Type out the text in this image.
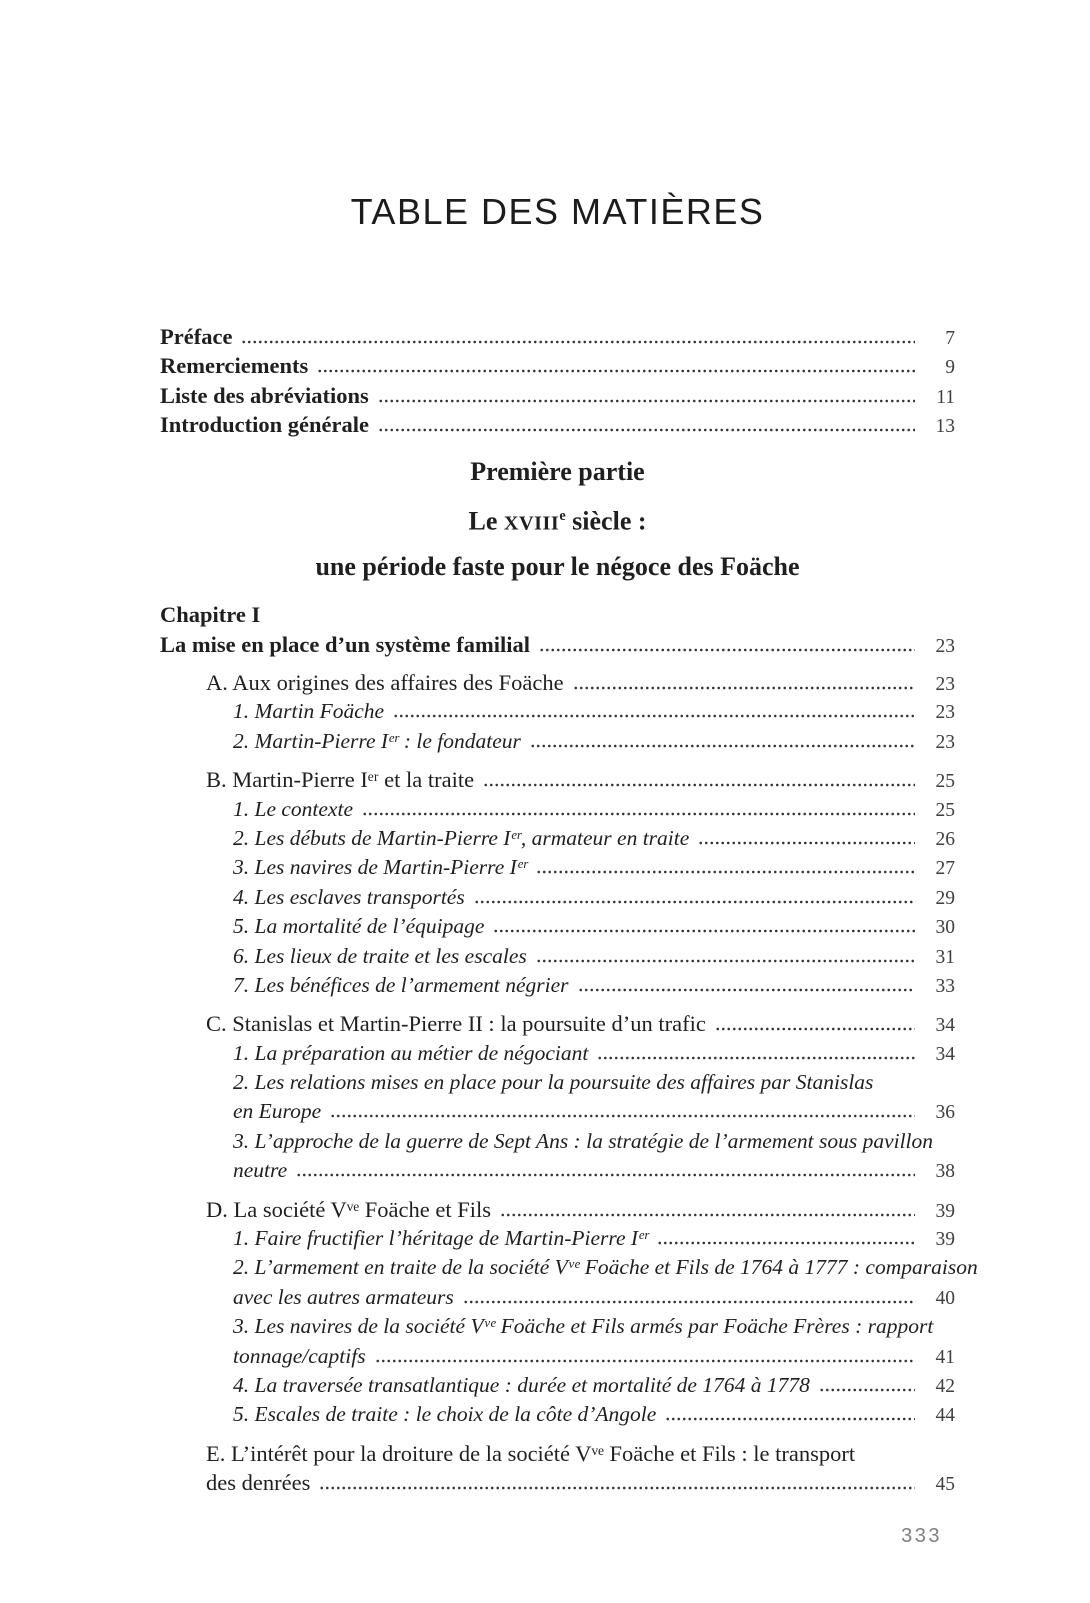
TABLE DES MATIÈRES
Préface	7
Remerciements	9
Liste des abréviations	11
Introduction générale	13
Première partie
Le XVIIIe siècle :
une période faste pour le négoce des Foäche
Chapitre I
La mise en place d’un système familial	23
A. Aux origines des affaires des Foäche	23
1. Martin Foäche	23
2. Martin-Pierre Iᵉʳ : le fondateur	23
B. Martin-Pierre Iᵉʳ et la traite	25
1. Le contexte	25
2. Les débuts de Martin-Pierre Iᵉʳ, armateur en traite	26
3. Les navires de Martin-Pierre Iᵉʳ	27
4. Les esclaves transportés	29
5. La mortalité de l’équipage	30
6. Les lieux de traite et les escales	31
7. Les bénéfices de l’armement négrier	33
C. Stanislas et Martin-Pierre II : la poursuite d’un trafic	34
1. La préparation au métier de négociant	34
2. Les relations mises en place pour la poursuite des affaires par Stanislas
en Europe	36
3. L’approche de la guerre de Sept Ans : la stratégie de l’armement sous pavillon
neutre	38
D. La société Vᵛᵉ Foäche et Fils	39
1. Faire fructifier l’héritage de Martin-Pierre Iᵉʳ	39
2. L’armement en traite de la société Vᵛᵉ Foäche et Fils de 1764 à 1777 : comparaison
avec les autres armateurs	40
3. Les navires de la société Vᵛᵉ Foäche et Fils armés par Foäche Frères : rapport
tonnage/captifs	41
4. La traversée transatlantique : durée et mortalité de 1764 à 1778	42
5. Escales de traite : le choix de la côte d’Angole	44
E. L’intérêt pour la droiture de la société Vᵛᵉ Foäche et Fils : le transport
des denrées	45
333
